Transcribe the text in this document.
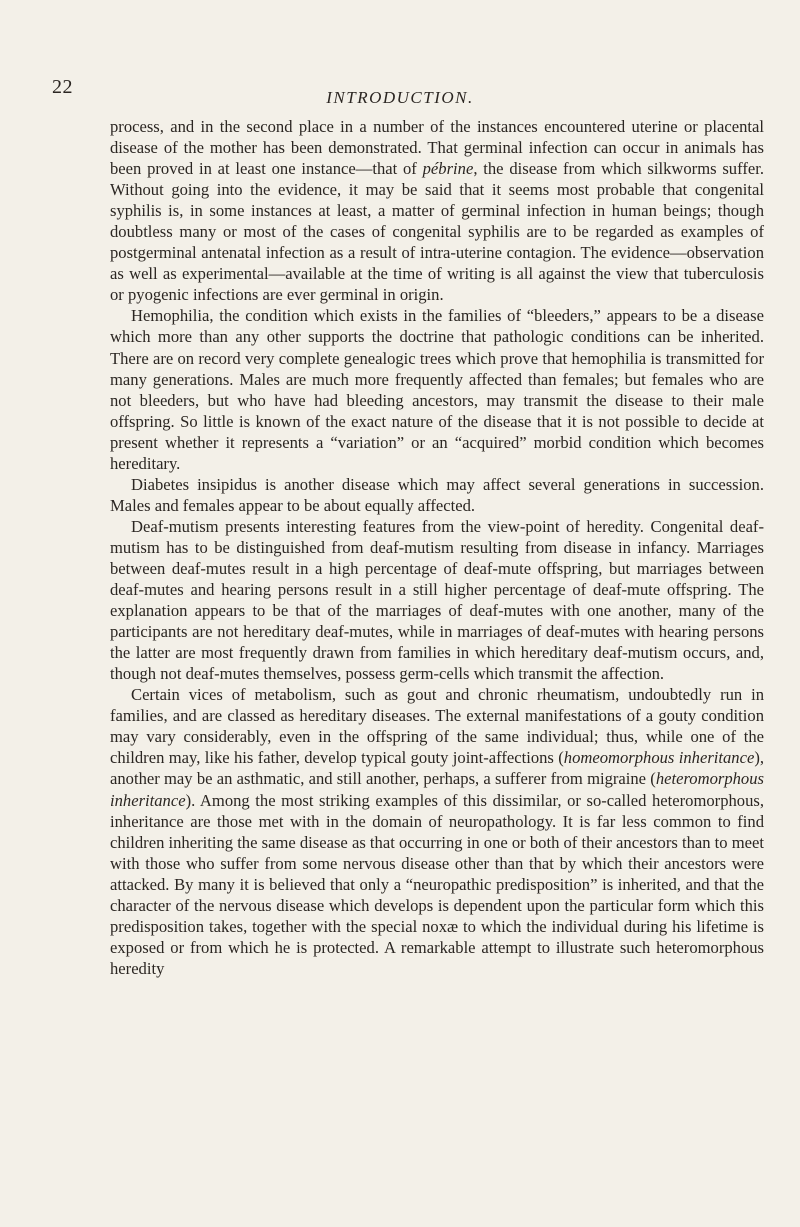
22	INTRODUCTION.

process, and in the second place in a number of the instances encountered uterine or placental disease of the mother has been demonstrated. That germinal infection can occur in animals has been proved in at least one instance—that of pébrine, the disease from which silkworms suffer. Without going into the evidence, it may be said that it seems most probable that congenital syphilis is, in some instances at least, a matter of germinal infection in human beings; though doubtless many or most of the cases of congenital syphilis are to be regarded as examples of postgerminal antenatal infection as a result of intra-uterine contagion. The evidence—observation as well as experimental—available at the time of writing is all against the view that tuberculosis or pyogenic infections are ever germinal in origin.

Hemophilia, the condition which exists in the families of “bleeders,” appears to be a disease which more than any other supports the doctrine that pathologic conditions can be inherited. There are on record very complete genealogic trees which prove that hemophilia is transmitted for many generations. Males are much more frequently affected than females; but females who are not bleeders, but who have had bleeding ancestors, may transmit the disease to their male offspring. So little is known of the exact nature of the disease that it is not possible to decide at present whether it represents a “variation” or an “acquired” morbid condition which becomes hereditary.

Diabetes insipidus is another disease which may affect several generations in succession. Males and females appear to be about equally affected.

Deaf-mutism presents interesting features from the view-point of heredity. Congenital deaf-mutism has to be distinguished from deaf-mutism resulting from disease in infancy. Marriages between deaf-mutes result in a high percentage of deaf-mute offspring, but marriages between deaf-mutes and hearing persons result in a still higher percentage of deaf-mute offspring. The explanation appears to be that of the marriages of deaf-mutes with one another, many of the participants are not hereditary deaf-mutes, while in marriages of deaf-mutes with hearing persons the latter are most frequently drawn from families in which hereditary deaf-mutism occurs, and, though not deaf-mutes themselves, possess germ-cells which transmit the affection.

Certain vices of metabolism, such as gout and chronic rheumatism, undoubtedly run in families, and are classed as hereditary diseases. The external manifestations of a gouty condition may vary considerably, even in the offspring of the same individual; thus, while one of the children may, like his father, develop typical gouty joint-affections (homeomorphous inheritance), another may be an asthmatic, and still another, perhaps, a sufferer from migraine (heteromorphous inheritance). Among the most striking examples of this dissimilar, or so-called heteromorphous, inheritance are those met with in the domain of neuropathology. It is far less common to find children inheriting the same disease as that occurring in one or both of their ancestors than to meet with those who suffer from some nervous disease other than that by which their ancestors were attacked. By many it is believed that only a “neuropathic predisposition” is inherited, and that the character of the nervous disease which develops is dependent upon the particular form which this predisposition takes, together with the special noxæ to which the individual during his lifetime is exposed or from which he is protected. A remarkable attempt to illustrate such heteromorphous heredity
